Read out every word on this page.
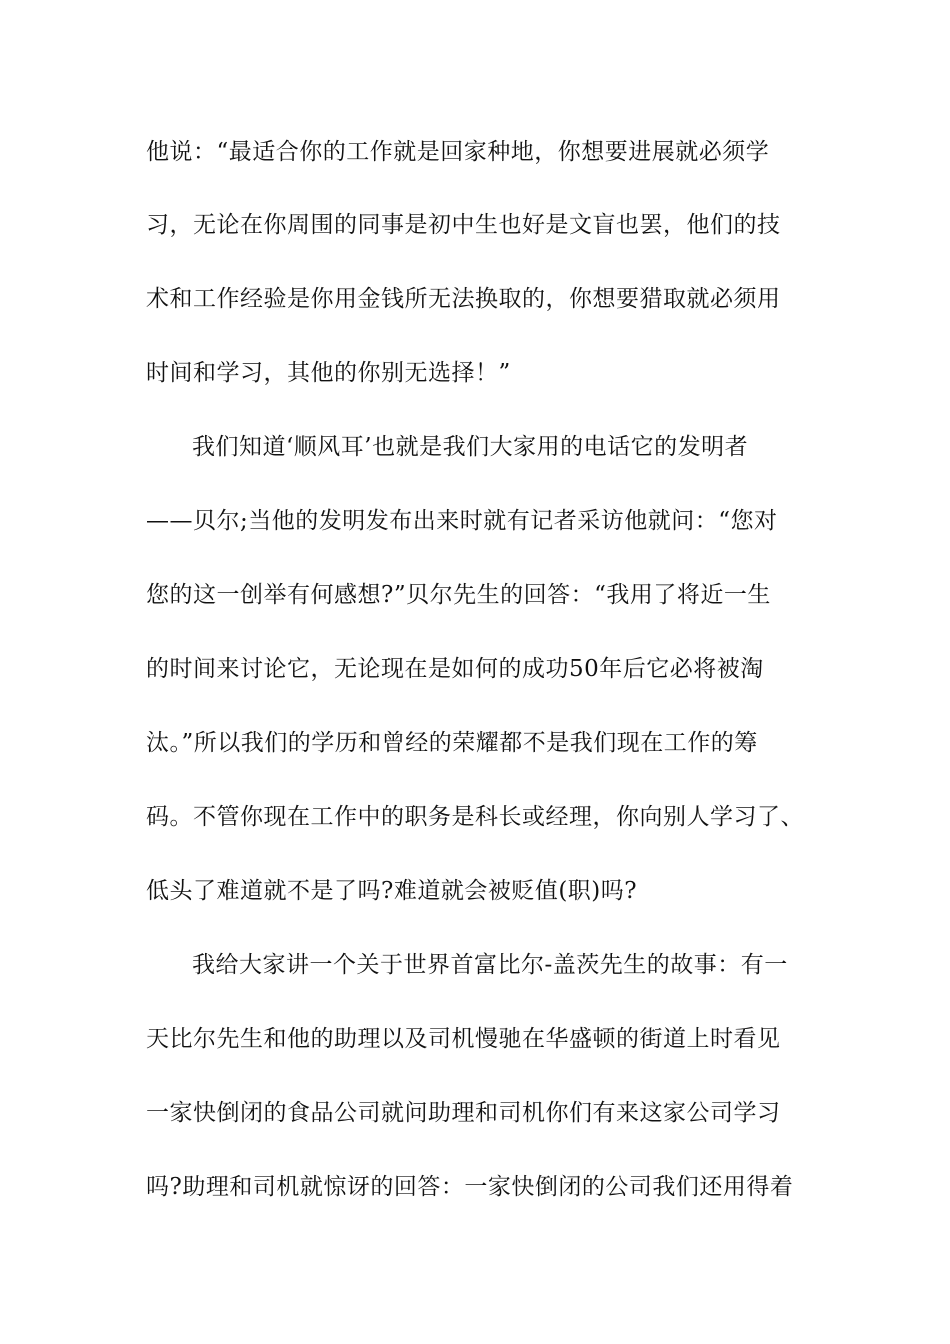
他说：“最适合你的工作就是回家种地，你想要进展就必须学
习，无论在你周围的同事是初中生也好是文盲也罢，他们的技
术和工作经验是你用金钱所无法换取的，你想要猎取就必须用
时间和学习，其他的你别无选择！”
我们知道‘顺风耳’也就是我们大家用的电话它的发明者
——贝尔;当他的发明发布出来时就有记者采访他就问：“您对
您的这一创举有何感想?”贝尔先生的回答：“我用了将近一生
的时间来讨论它，无论现在是如何的成功50年后它必将被淘
汰。”所以我们的学历和曾经的荣耀都不是我们现在工作的筹
码。不管你现在工作中的职务是科长或经理，你向别人学习了、
低头了难道就不是了吗?难道就会被贬值(职)吗?
我给大家讲一个关于世界首富比尔-盖茨先生的故事：有一
天比尔先生和他的助理以及司机慢驰在华盛顿的街道上时看见
一家快倒闭的食品公司就问助理和司机你们有来这家公司学习
吗?助理和司机就惊讶的回答：一家快倒闭的公司我们还用得着
